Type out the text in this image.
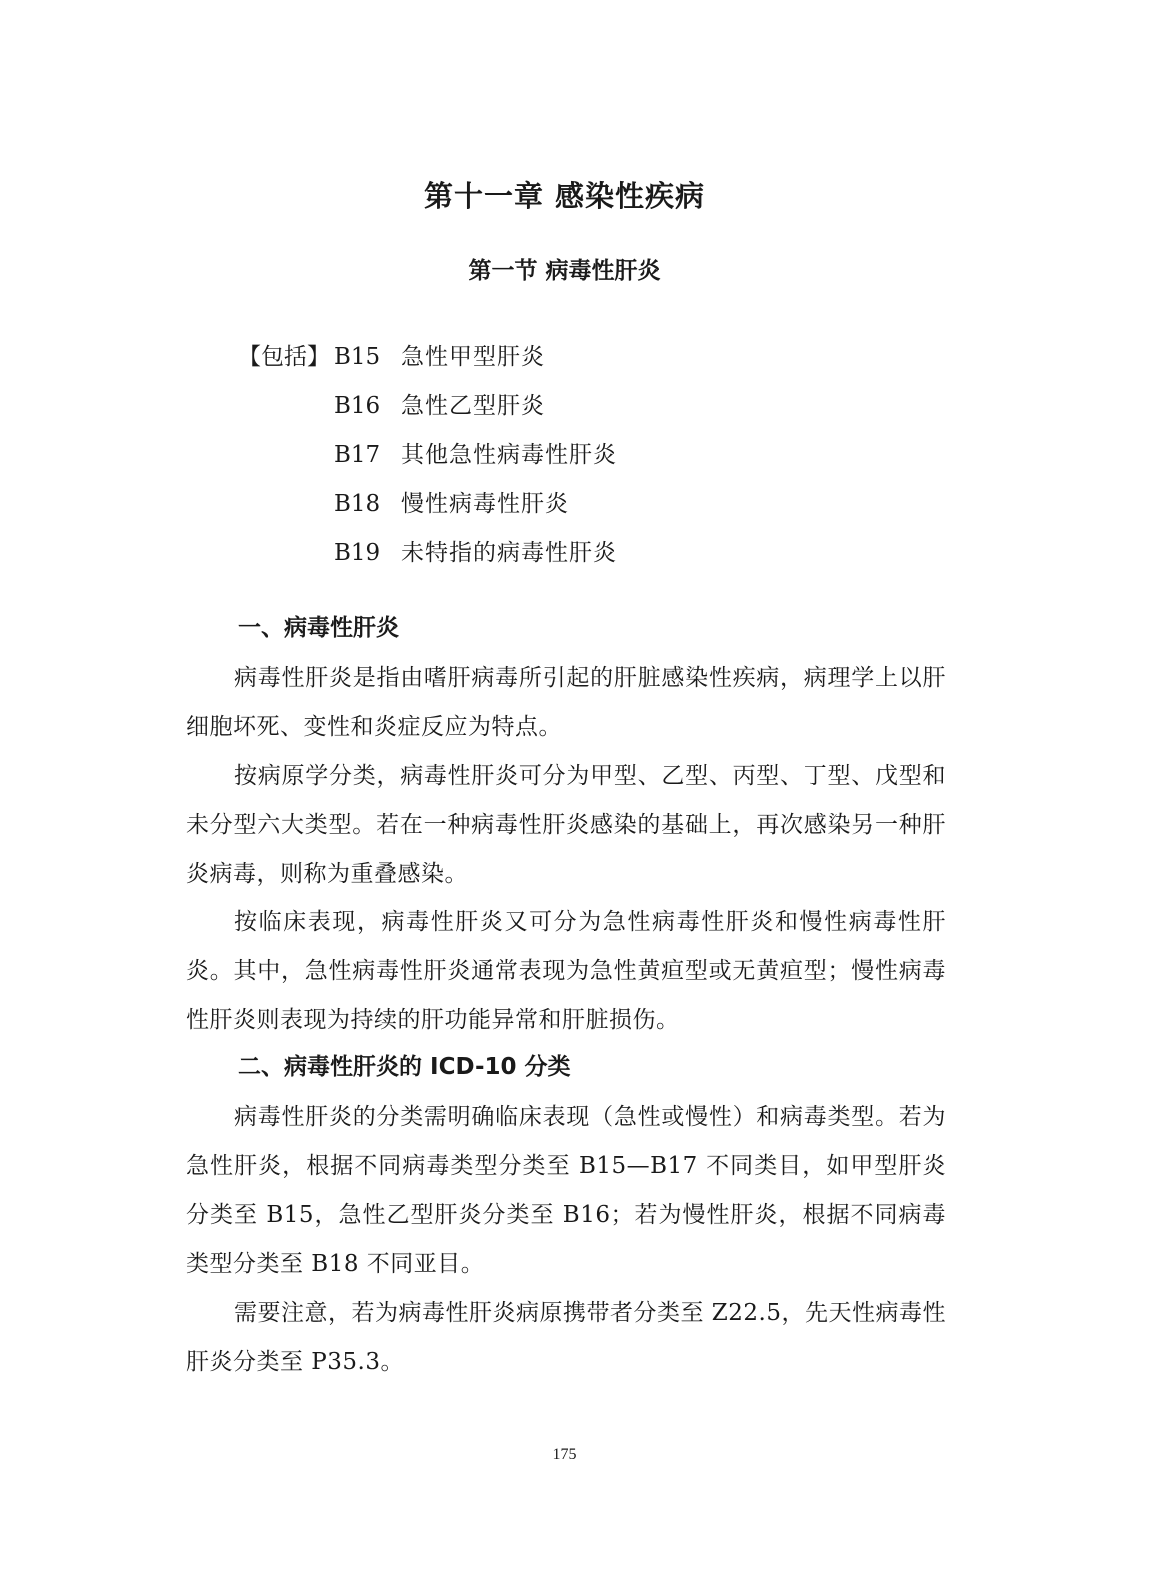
第十一章 感染性疾病
第一节 病毒性肝炎
【包括】 B15 急性甲型肝炎
B16 急性乙型肝炎
B17 其他急性病毒性肝炎
B18 慢性病毒性肝炎
B19 未特指的病毒性肝炎
一、病毒性肝炎

病毒性肝炎是指由嗜肝病毒所引起的肝脏感染性疾病，病理学上以肝细胞坏死、变性和炎症反应为特点。

按病原学分类，病毒性肝炎可分为甲型、乙型、丙型、丁型、戊型和未分型六大类型。若在一种病毒性肝炎感染的基础上，再次感染另一种肝炎病毒，则称为重叠感染。

按临床表现，病毒性肝炎又可分为急性病毒性肝炎和慢性病毒性肝炎。其中，急性病毒性肝炎通常表现为急性黄疸型或无黄疸型；慢性病毒性肝炎则表现为持续的肝功能异常和肝脏损伤。

二、病毒性肝炎的 ICD-10 分类

病毒性肝炎的分类需明确临床表现（急性或慢性）和病毒类型。若为急性肝炎，根据不同病毒类型分类至 B15—B17 不同类目，如甲型肝炎分类至 B15，急性乙型肝炎分类至 B16；若为慢性肝炎，根据不同病毒类型分类至 B18 不同亚目。

需要注意，若为病毒性肝炎病原携带者分类至 Z22.5，先天性病毒性肝炎分类至 P35.3。

175
